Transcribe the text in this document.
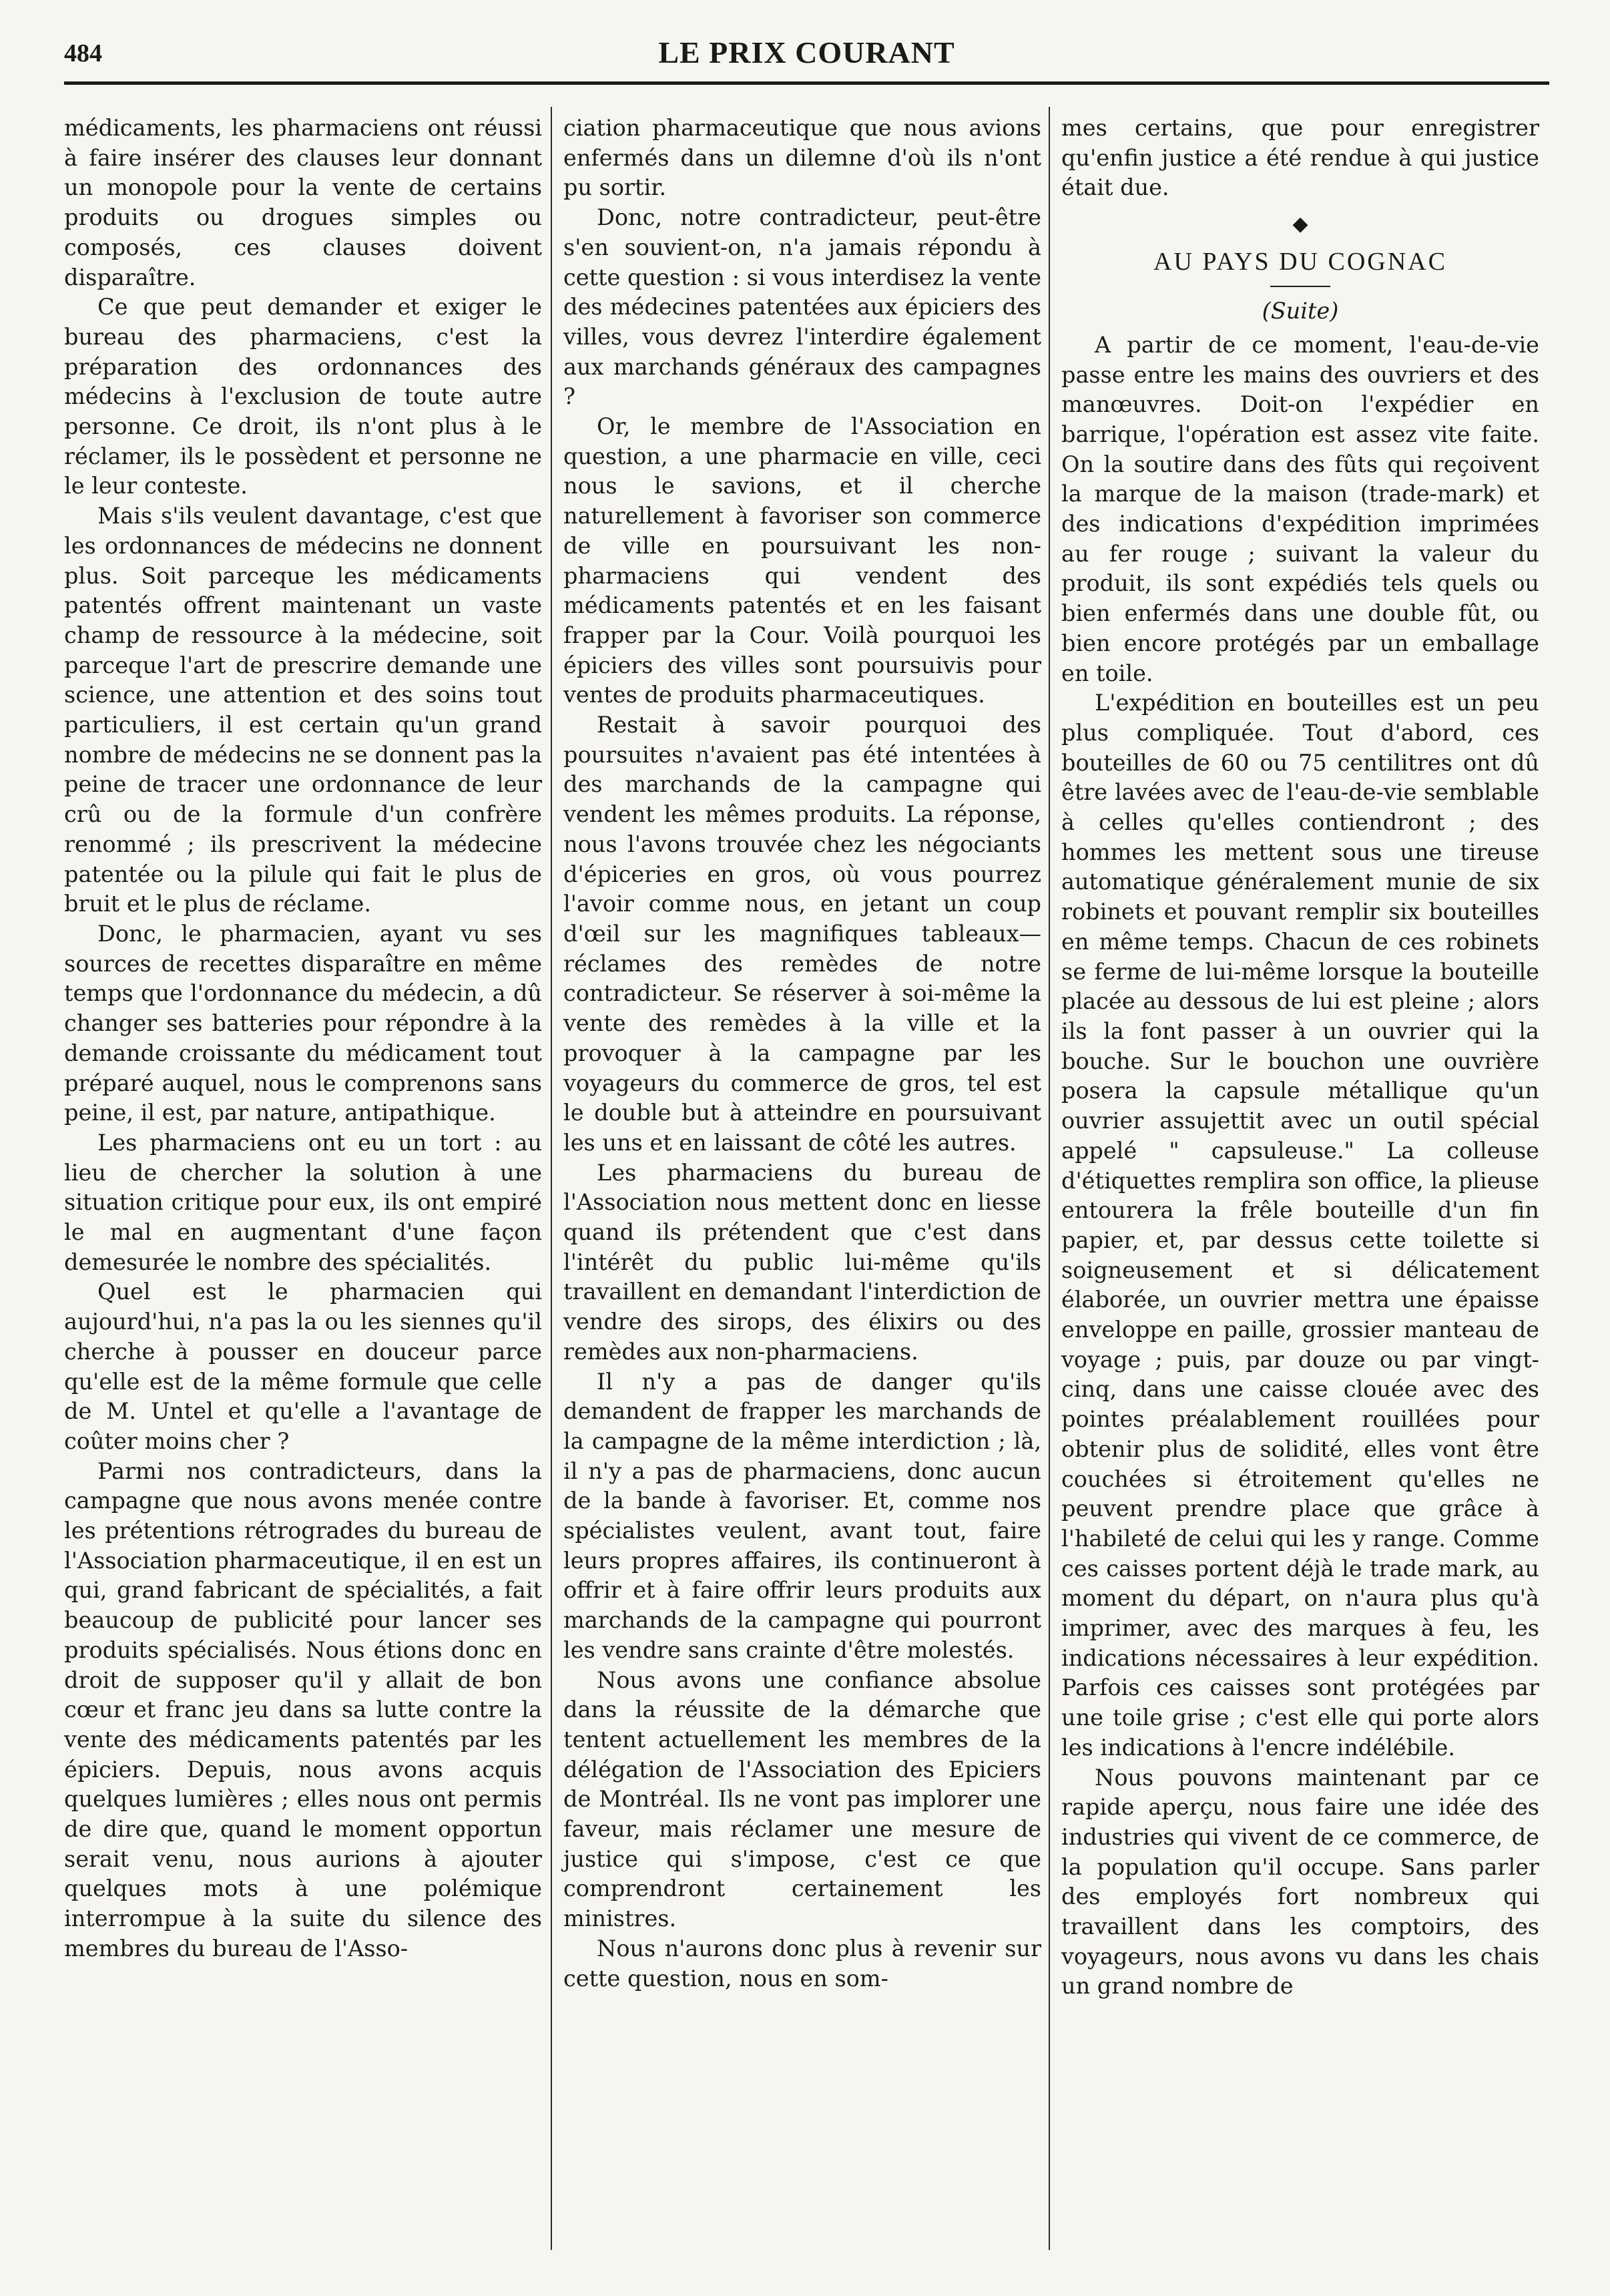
484	LE PRIX COURANT

médicaments, les pharmaciens ont réussi à faire insérer des clauses leur donnant un monopole pour la vente de certains produits ou drogues simples ou composés, ces clauses doivent disparaître.

Ce que peut demander et exiger le bureau des pharmaciens, c'est la préparation des ordonnances des médecins à l'exclusion de toute autre personne. Ce droit, ils n'ont plus à le réclamer, ils le possèdent et personne ne le leur conteste.

Mais s'ils veulent davantage, c'est que les ordonnances de médecins ne donnent plus. Soit parceque les médicaments patentés offrent maintenant un vaste champ de ressource à la médecine, soit parceque l'art de prescrire demande une science, une attention et des soins tout particuliers, il est certain qu'un grand nombre de médecins ne se donnent pas la peine de tracer une ordonnance de leur crû ou de la formule d'un confrère renommé ; ils prescrivent la médecine patentée ou la pilule qui fait le plus de bruit et le plus de réclame.

Donc, le pharmacien, ayant vu ses sources de recettes disparaître en même temps que l'ordonnance du médecin, a dû changer ses batteries pour répondre à la demande croissante du médicament tout préparé auquel, nous le comprenons sans peine, il est, par nature, antipathique.

Les pharmaciens ont eu un tort : au lieu de chercher la solution à une situation critique pour eux, ils ont empiré le mal en augmentant d'une façon demesurée le nombre des spécialités.

Quel est le pharmacien qui aujourd'hui, n'a pas la ou les siennes qu'il cherche à pousser en douceur parce qu'elle est de la même formule que celle de M. Untel et qu'elle a l'avantage de coûter moins cher ?

Parmi nos contradicteurs, dans la campagne que nous avons menée contre les prétentions rétrogrades du bureau de l'Association pharmaceutique, il en est un qui, grand fabricant de spécialités, a fait beaucoup de publicité pour lancer ses produits spécialisés. Nous étions donc en droit de supposer qu'il y allait de bon cœur et franc jeu dans sa lutte contre la vente des médicaments patentés par les épiciers. Depuis, nous avons acquis quelques lumières ; elles nous ont permis de dire que, quand le moment opportun serait venu, nous aurions à ajouter quelques mots à une polémique interrompue à la suite du silence des membres du bureau de l'Asso-

ciation pharmaceutique que nous avions enfermés dans un dilemne d'où ils n'ont pu sortir.

Donc, notre contradicteur, peut-être s'en souvient-on, n'a jamais répondu à cette question : si vous interdisez la vente des médecines patentées aux épiciers des villes, vous devrez l'interdire également aux marchands généraux des campagnes ?

Or, le membre de l'Association en question, a une pharmacie en ville, ceci nous le savions, et il cherche naturellement à favoriser son commerce de ville en poursuivant les non-pharmaciens qui vendent des médicaments patentés et en les faisant frapper par la Cour. Voilà pourquoi les épiciers des villes sont poursuivis pour ventes de produits pharmaceutiques.

Restait à savoir pourquoi des poursuites n'avaient pas été intentées à des marchands de la campagne qui vendent les mêmes produits. La réponse, nous l'avons trouvée chez les négociants d'épiceries en gros, où vous pourrez l'avoir comme nous, en jetant un coup d'œil sur les magnifiques tableaux—réclames des remèdes de notre contradicteur. Se réserver à soi-même la vente des remèdes à la ville et la provoquer à la campagne par les voyageurs du commerce de gros, tel est le double but à atteindre en poursuivant les uns et en laissant de côté les autres.

Les pharmaciens du bureau de l'Association nous mettent donc en liesse quand ils prétendent que c'est dans l'intérêt du public lui-même qu'ils travaillent en demandant l'interdiction de vendre des sirops, des élixirs ou des remèdes aux non-pharmaciens.

Il n'y a pas de danger qu'ils demandent de frapper les marchands de la campagne de la même interdiction ; là, il n'y a pas de pharmaciens, donc aucun de la bande à favoriser. Et, comme nos spécialistes veulent, avant tout, faire leurs propres affaires, ils continueront à offrir et à faire offrir leurs produits aux marchands de la campagne qui pourront les vendre sans crainte d'être molestés.

Nous avons une confiance absolue dans la réussite de la démarche que tentent actuellement les membres de la délégation de l'Association des Epiciers de Montréal. Ils ne vont pas implorer une faveur, mais réclamer une mesure de justice qui s'impose, c'est ce que comprendront certainement les ministres.

Nous n'aurons donc plus à revenir sur cette question, nous en som-

mes certains, que pour enregistrer qu'enfin justice a été rendue à qui justice était due.

◆
AU PAYS DU COGNAC
(Suite)

A partir de ce moment, l'eau-de-vie passe entre les mains des ouvriers et des manœuvres. Doit-on l'expédier en barrique, l'opération est assez vite faite. On la soutire dans des fûts qui reçoivent la marque de la maison (trade-mark) et des indications d'expédition imprimées au fer rouge ; suivant la valeur du produit, ils sont expédiés tels quels ou bien enfermés dans une double fût, ou bien encore protégés par un emballage en toile.

L'expédition en bouteilles est un peu plus compliquée. Tout d'abord, ces bouteilles de 60 ou 75 centilitres ont dû être lavées avec de l'eau-de-vie semblable à celles qu'elles contiendront ; des hommes les mettent sous une tireuse automatique généralement munie de six robinets et pouvant remplir six bouteilles en même temps. Chacun de ces robinets se ferme de lui-même lorsque la bouteille placée au dessous de lui est pleine ; alors ils la font passer à un ouvrier qui la bouche. Sur le bouchon une ouvrière posera la capsule métallique qu'un ouvrier assujettit avec un outil spécial appelé " capsuleuse." La colleuse d'étiquettes remplira son office, la plieuse entourera la frêle bouteille d'un fin papier, et, par dessus cette toilette si soigneusement et si délicatement élaborée, un ouvrier mettra une épaisse enveloppe en paille, grossier manteau de voyage ; puis, par douze ou par vingt-cinq, dans une caisse clouée avec des pointes préalablement rouillées pour obtenir plus de solidité, elles vont être couchées si étroitement qu'elles ne peuvent prendre place que grâce à l'habileté de celui qui les y range. Comme ces caisses portent déjà le trade mark, au moment du départ, on n'aura plus qu'à imprimer, avec des marques à feu, les indications nécessaires à leur expédition. Parfois ces caisses sont protégées par une toile grise ; c'est elle qui porte alors les indications à l'encre indélébile.

Nous pouvons maintenant par ce rapide aperçu, nous faire une idée des industries qui vivent de ce commerce, de la population qu'il occupe. Sans parler des employés fort nombreux qui travaillent dans les comptoirs, des voyageurs, nous avons vu dans les chais un grand nombre de
